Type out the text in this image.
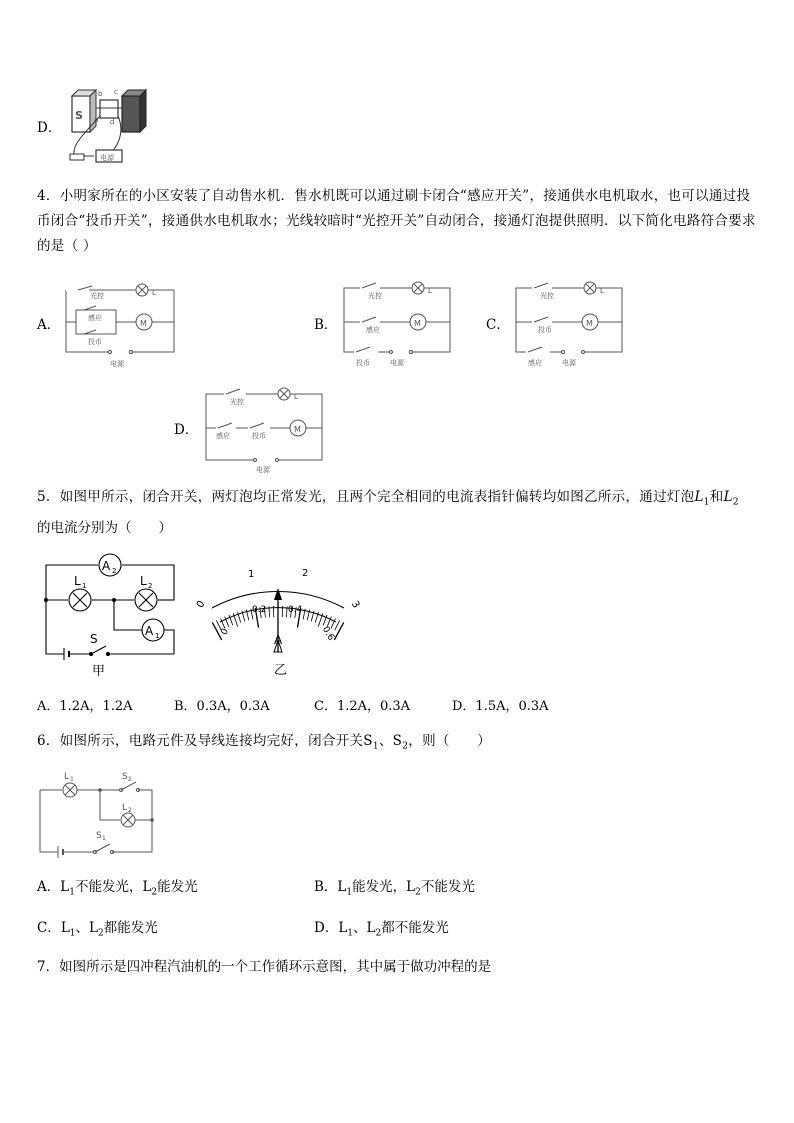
D．
S	N
b c
a d
电源
4．小明家所在的小区安装了自动售水机．售水机既可以通过刷卡闭合“感应开关”，接通供水电机取水，也可以通过投币闭合“投币开关”，接通供水电机取水；光线较暗时“光控开关”自动闭合，接通灯泡提供照明．以下简化电路符合要求的是（ ）
A．
光控	L
感应
投币
M
电源
B．
光控
L
感应
M
投币	电源
C．
光控
L
投币
M
感应	电源
D．
光控
L
感应	投币
M
电源
5．如图甲所示，闭合开关，两灯泡均正常发光，且两个完全相同的电流表指针偏转均如图乙所示，通过灯泡$L_1$和$L_2$
的电流分别为（　　）
A 2
A 1
L 1	L 2
S
甲
1	2
0	3
0
0.2 0.4
0.6
A
乙
A．1.2A，1.2A	B．0.3A，0.3A	C．1.2A，0.3A	D．1.5A，0.3A
6．如图所示，电路元件及导线连接均完好，闭合开关$S_1$、$S_2$，则（　　）
L 1
L 2
S 1
S 2
A．$L_1$不能发光，$L_2$能发光	B．$L_1$能发光，$L_2$不能发光
C．$L_1$、$L_2$都能发光	D．$L_1$、$L_2$都不能发光
7．如图所示是四冲程汽油机的一个工作循环示意图，其中属于做功冲程的是
